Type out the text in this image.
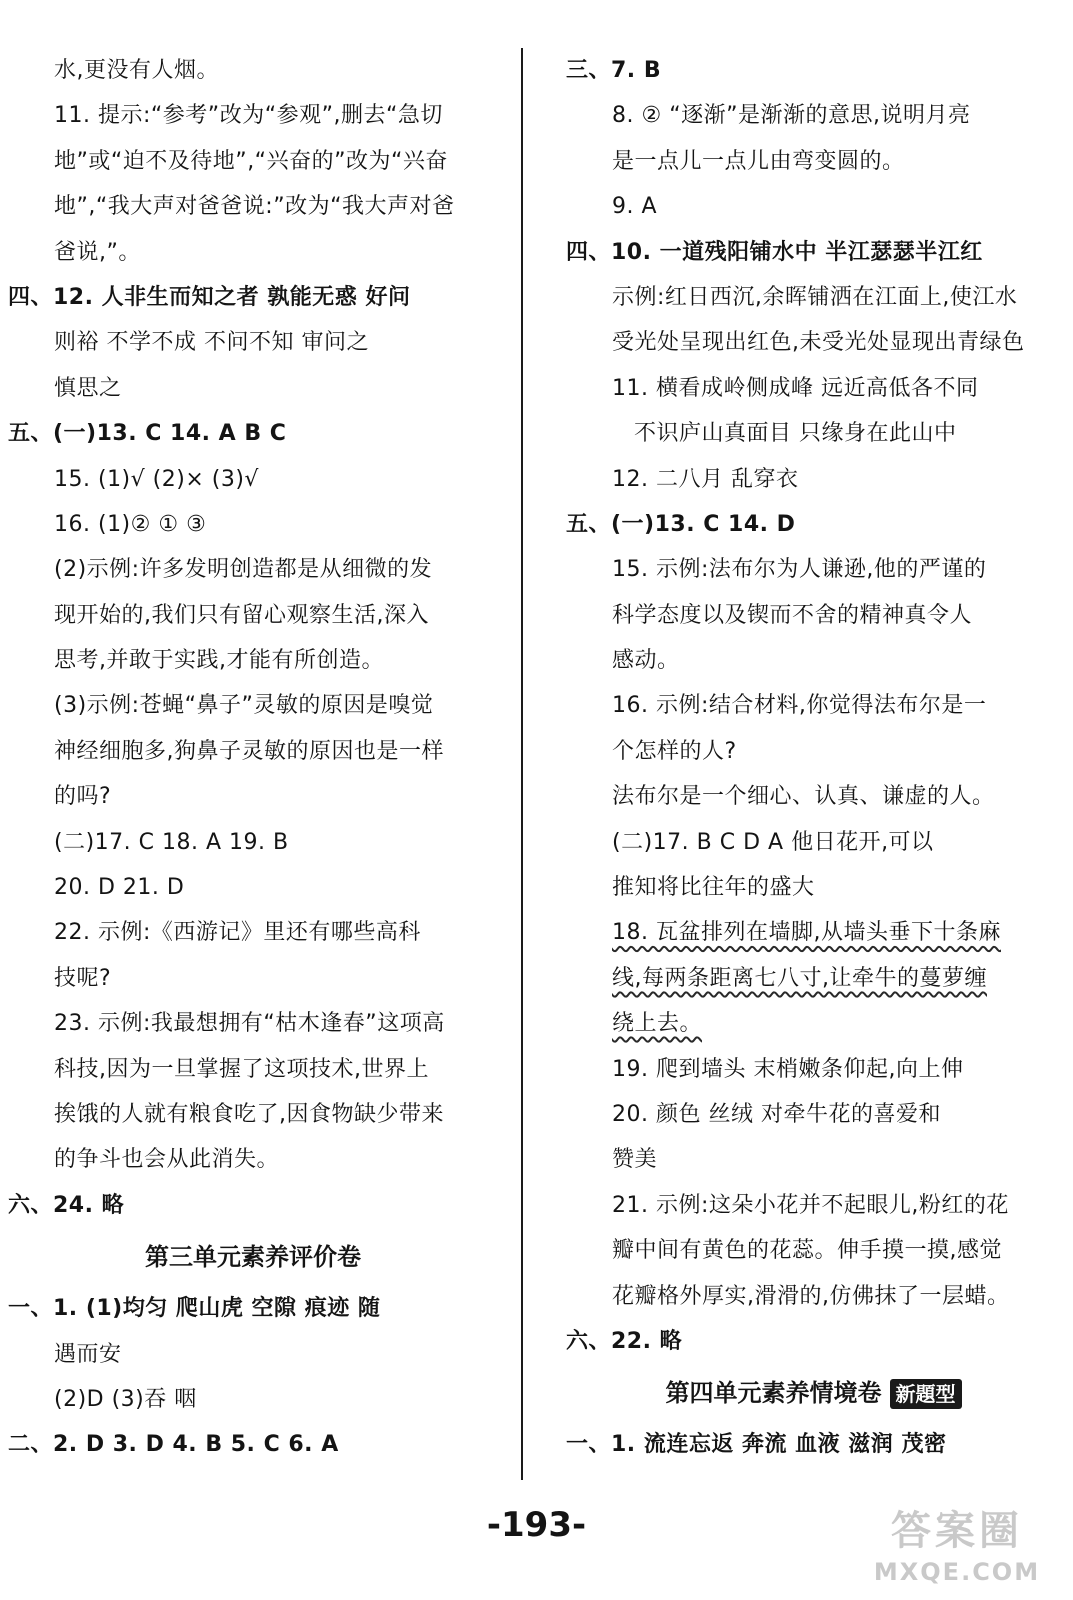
水,更没有人烟。
11. 提示:“参考”改为“参观”,删去“急切
地”或“迫不及待地”,“兴奋的”改为“兴奋
地”,“我大声对爸爸说:”改为“我大声对爸
爸说,”。
四、12. 人非生而知之者 孰能无惑 好问
则裕 不学不成 不问不知 审问之
慎思之
五、(一)13. C 14. A B C
15. (1)√ (2)× (3)√
16. (1)② ① ③
(2)示例:许多发明创造都是从细微的发
现开始的,我们只有留心观察生活,深入
思考,并敢于实践,才能有所创造。
(3)示例:苍蝇“鼻子”灵敏的原因是嗅觉
神经细胞多,狗鼻子灵敏的原因也是一样
的吗?
(二)17. C 18. A 19. B
20. D 21. D
22. 示例:《西游记》里还有哪些高科
技呢?
23. 示例:我最想拥有“枯木逢春”这项高
科技,因为一旦掌握了这项技术,世界上
挨饿的人就有粮食吃了,因食物缺少带来
的争斗也会从此消失。
六、24. 略
第三单元素养评价卷
一、1. (1)均匀 爬山虎 空隙 痕迹 随
遇而安
(2)D (3)吞 咽
二、2. D 3. D 4. B 5. C 6. A
三、7. B
8. ② “逐渐”是渐渐的意思,说明月亮
是一点儿一点儿由弯变圆的。
9. A
四、10. 一道残阳铺水中 半江瑟瑟半江红
示例:红日西沉,余晖铺洒在江面上,使江水
受光处呈现出红色,未受光处显现出青绿色
11. 横看成岭侧成峰 远近高低各不同
不识庐山真面目 只缘身在此山中
12. 二八月 乱穿衣
五、(一)13. C 14. D
15. 示例:法布尔为人谦逊,他的严谨的
科学态度以及锲而不舍的精神真令人
感动。
16. 示例:结合材料,你觉得法布尔是一
个怎样的人?
法布尔是一个细心、认真、谦虚的人。
(二)17. B C D A 他日花开,可以
推知将比往年的盛大
18. 瓦盆排列在墙脚,从墙头垂下十条麻
线,每两条距离七八寸,让牵牛的蔓萝缠
绕上去。
19. 爬到墙头 末梢嫩条仰起,向上伸
20. 颜色 丝绒 对牵牛花的喜爱和
赞美
21. 示例:这朵小花并不起眼儿,粉红的花
瓣中间有黄色的花蕊。伸手摸一摸,感觉
花瓣格外厚实,滑滑的,仿佛抹了一层蜡。
六、22. 略
第四单元素养情境卷 新題型
一、1. 流连忘返 奔流 血液 滋润 茂密
-193-	答案圈
MXQE.COM
